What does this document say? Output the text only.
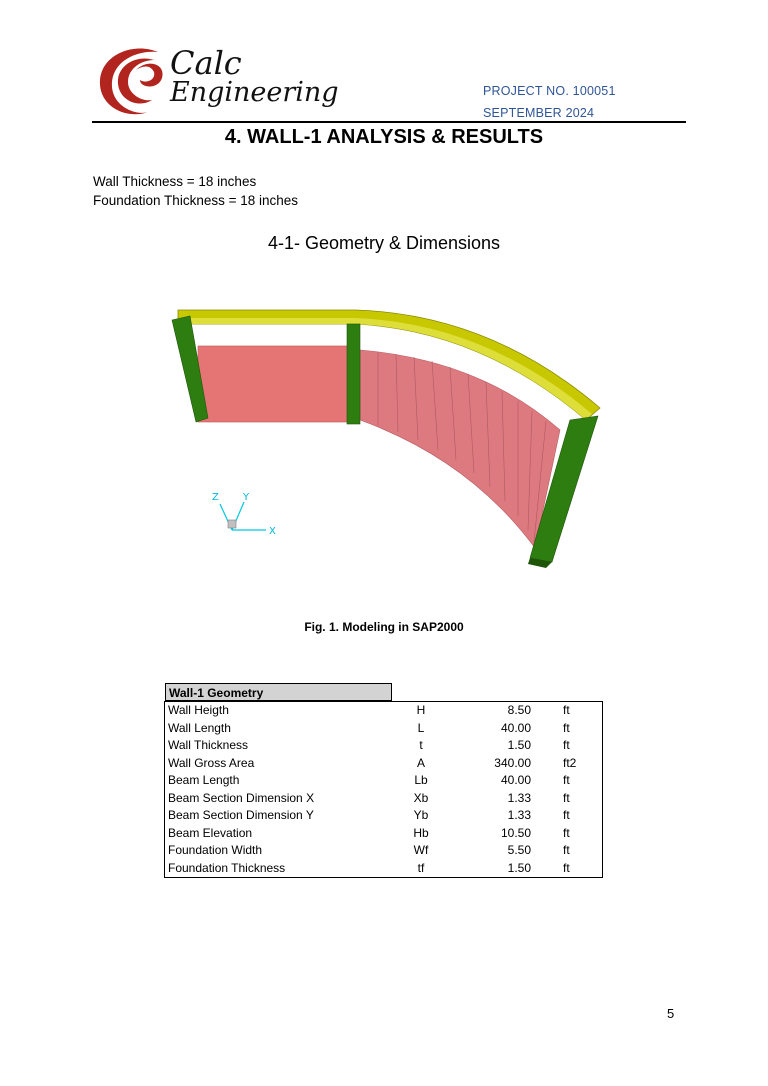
Calc
Engineering	PROJECT NO. 100051
SEPTEMBER 2024
4. WALL-1 ANALYSIS & RESULTS
Wall Thickness = 18 inches
Foundation Thickness = 18 inches
4-1- Geometry & Dimensions
Z Y
X
Fig. 1. Modeling in SAP2000
Wall-1 Geometry
Wall Heigth	H	8.50	ft
Wall Length	L	40.00	ft
Wall Thickness	t	1.50	ft
Wall Gross Area	A	340.00	ft2
Beam Length	Lb	40.00	ft
Beam Section Dimension X	Xb	1.33	ft
Beam Section Dimension Y	Yb	1.33	ft
Beam Elevation	Hb	10.50	ft
Foundation Width	Wf	5.50	ft
Foundation Thickness	tf	1.50	ft
5
